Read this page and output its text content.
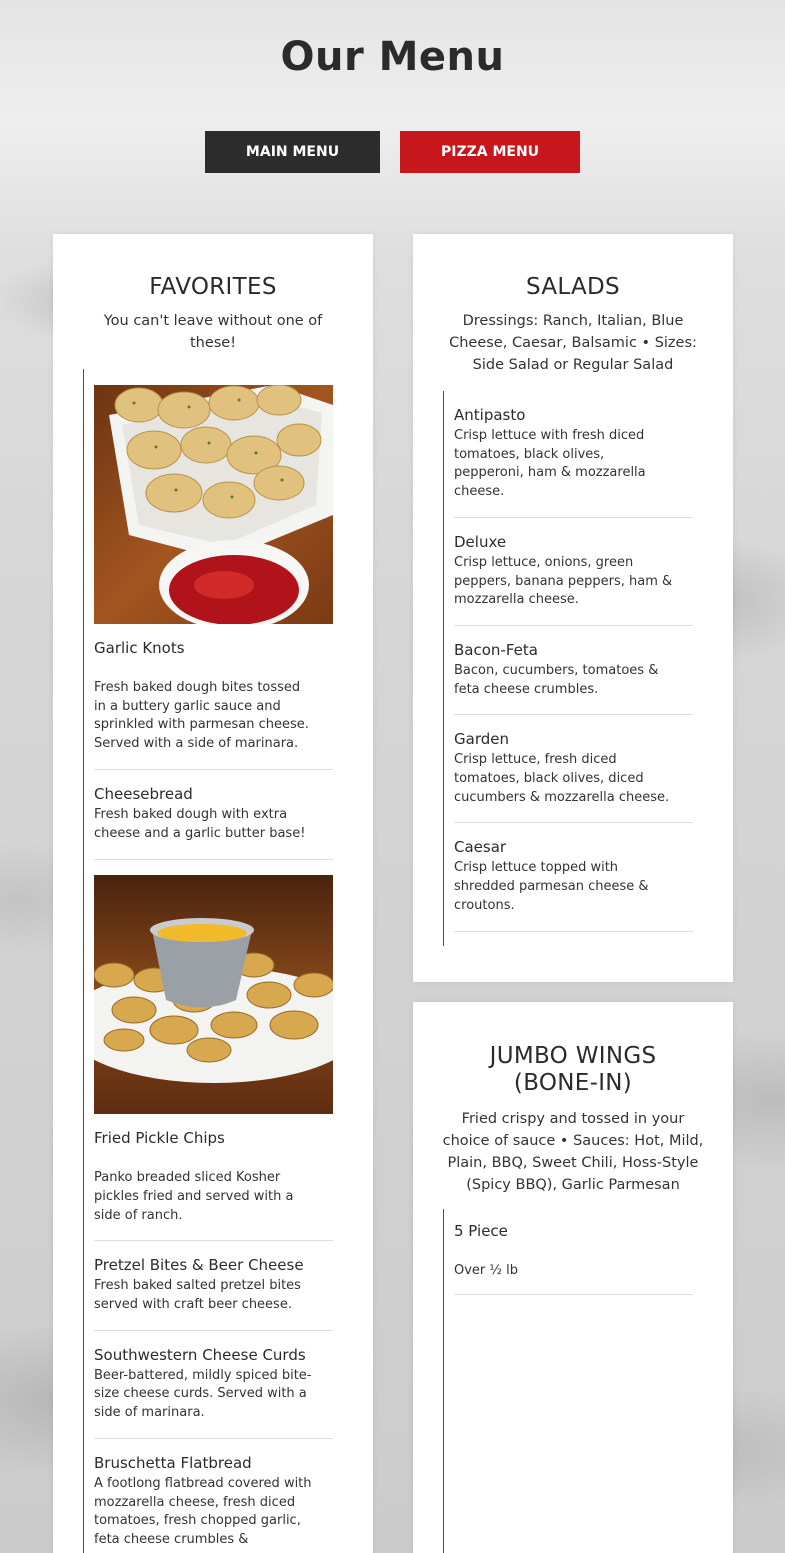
Our Menu
MAIN MENU	PIZZA MENU
FAVORITES

You can't leave without one of these!

Garlic Knots
Fresh baked dough bites tossed in a buttery garlic sauce and sprinkled with parmesan cheese. Served with a side of marinara.
Cheesebread
Fresh baked dough with extra cheese and a garlic butter base!
Fried Pickle Chips
Panko breaded sliced Kosher pickles fried and served with a side of ranch.
Pretzel Bites & Beer Cheese
Fresh baked salted pretzel bites served with craft beer cheese.
Southwestern Cheese Curds
Beer-battered, mildly spiced bite-size cheese curds. Served with a side of marinara.
Bruschetta Flatbread
A footlong flatbread covered with mozzarella cheese, fresh diced tomatoes, fresh chopped garlic, feta cheese crumbles &
SALADS

Dressings: Ranch, Italian, Blue Cheese, Caesar, Balsamic • Sizes: Side Salad or Regular Salad

Antipasto
Crisp lettuce with fresh diced tomatoes, black olives, pepperoni, ham & mozzarella cheese.
Deluxe
Crisp lettuce, onions, green peppers, banana peppers, ham & mozzarella cheese.
Bacon-Feta
Bacon, cucumbers, tomatoes & feta cheese crumbles.
Garden
Crisp lettuce, fresh diced tomatoes, black olives, diced cucumbers & mozzarella cheese.
Caesar
Crisp lettuce topped with shredded parmesan cheese & croutons.
JUMBO WINGS (BONE-IN)

Fried crispy and tossed in your choice of sauce • Sauces: Hot, Mild, Plain, BBQ, Sweet Chili, Hoss-Style (Spicy BBQ), Garlic Parmesan

5 Piece
Over ½ lb
